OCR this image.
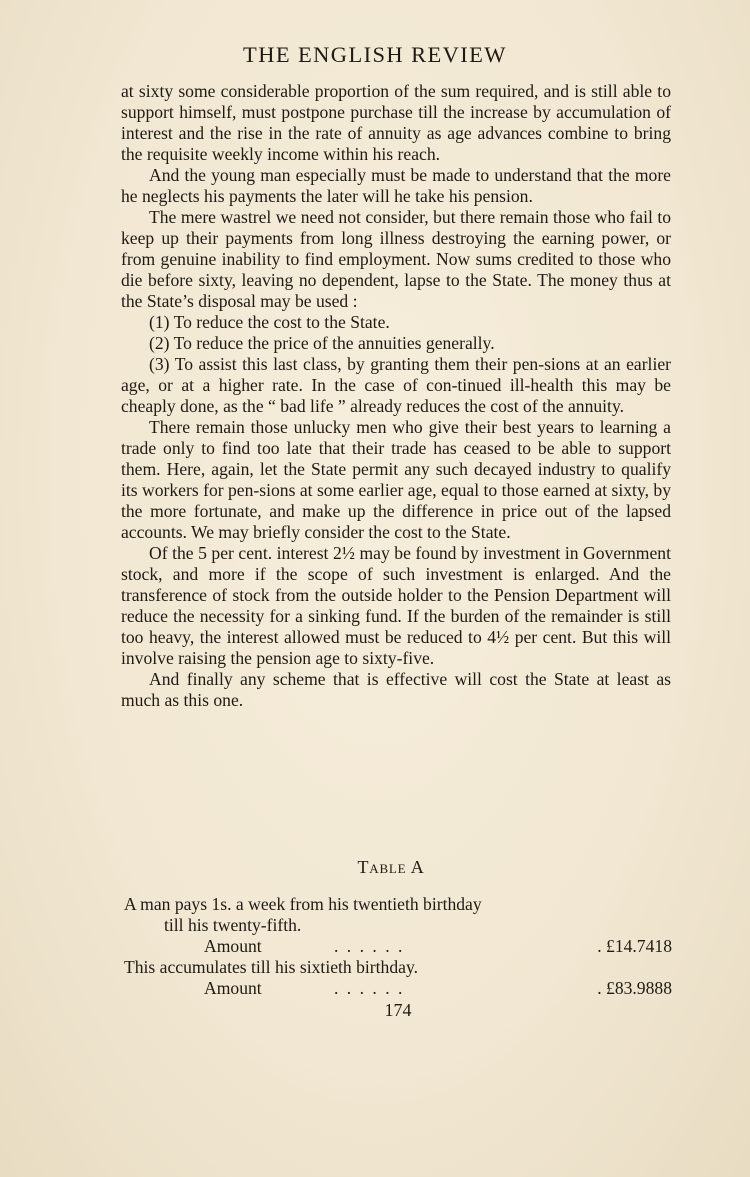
THE ENGLISH REVIEW

at sixty some considerable proportion of the sum required, and is still able to support himself, must postpone purchase till the increase by accumulation of interest and the rise in the rate of annuity as age advances combine to bring the requisite weekly income within his reach.

And the young man especially must be made to understand that the more he neglects his payments the later will he take his pension.

The mere wastrel we need not consider, but there remain those who fail to keep up their payments from long illness destroying the earning power, or from genuine inability to find employment. Now sums credited to those who die before sixty, leaving no dependent, lapse to the State. The money thus at the State’s disposal may be used :

(1) To reduce the cost to the State.

(2) To reduce the price of the annuities generally.

(3) To assist this last class, by granting them their pen-sions at an earlier age, or at a higher rate. In the case of con-tinued ill-health this may be cheaply done, as the “ bad life ” already reduces the cost of the annuity.

There remain those unlucky men who give their best years to learning a trade only to find too late that their trade has ceased to be able to support them. Here, again, let the State permit any such decayed industry to qualify its workers for pen-sions at some earlier age, equal to those earned at sixty, by the more fortunate, and make up the difference in price out of the lapsed accounts. We may briefly consider the cost to the State.

Of the 5 per cent. interest 2½ may be found by investment in Government stock, and more if the scope of such investment is enlarged. And the transference of stock from the outside holder to the Pension Department will reduce the necessity for a sinking fund. If the burden of the remainder is still too heavy, the interest allowed must be reduced to 4½ per cent. But this will involve raising the pension age to sixty-five.

And finally any scheme that is effective will cost the State at least as much as this one.

Table A
A man pays 1s. a week from his twentieth birthday
till his twenty-fifth.
Amount	. . . . . .	. £14.7418
This accumulates till his sixtieth birthday.
Amount	. . . . . .	. £83.9888
174
